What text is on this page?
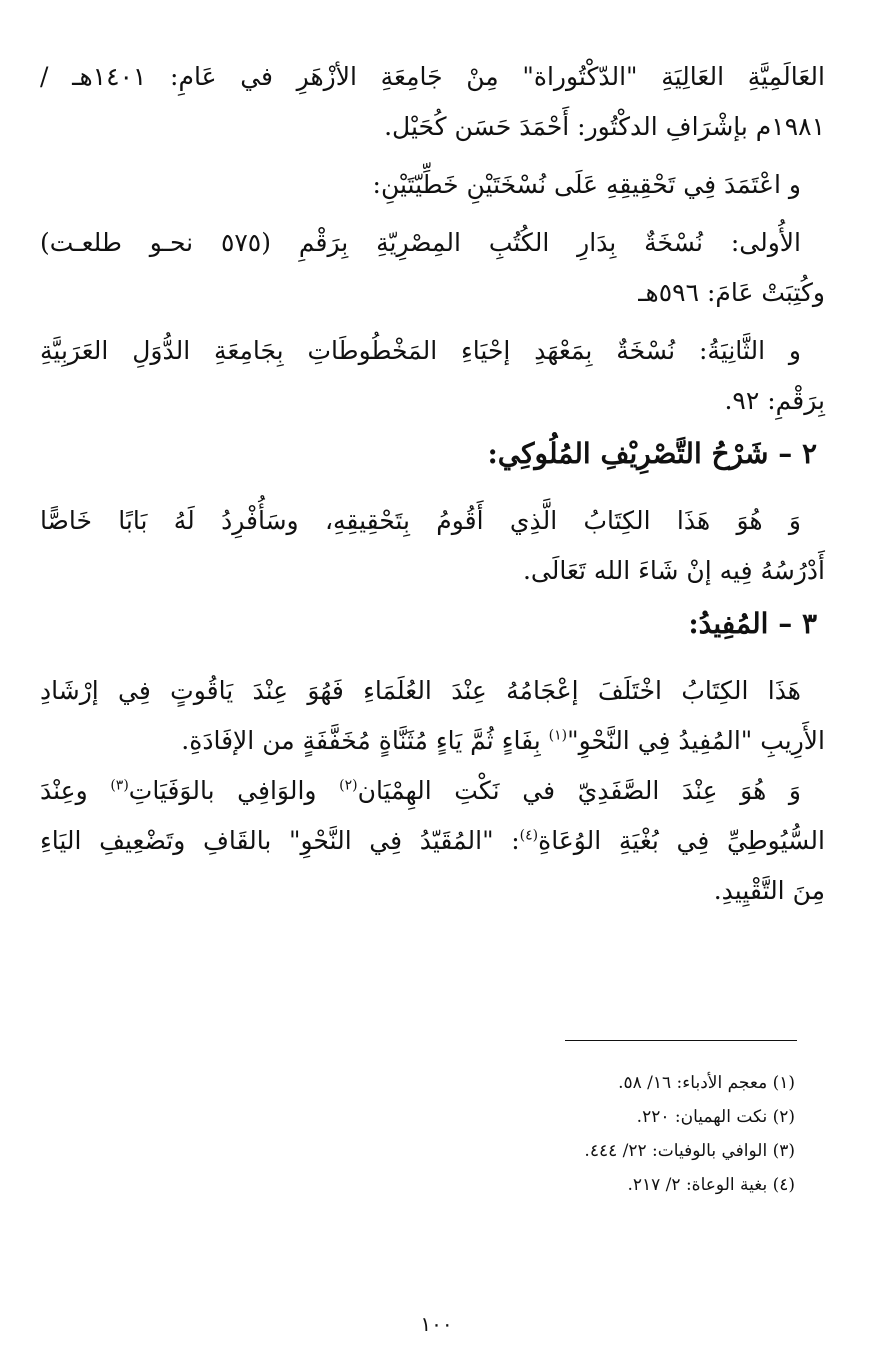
العَالَمِيَّةِ العَالِيَةِ "الدّكْتُوراة" مِنْ جَامِعَةِ الأزْهَرِ في عَامِ: ١٤٠١هـ /
١٩٨١م بإشْرَافِ الدكْتُور: أَحْمَدَ حَسَن كُحَيْل.
و اعْتَمَدَ فِي تَحْقِيقِهِ عَلَى نُسْخَتَيْنِ خَطِّيّتَيْنِ:
الأُولى: نُسْخَةٌ بِدَارِ الكُتُبِ المِصْرِيّةِ بِرَقْمِ (٥٧٥ نحـو طلعـت)
وكُتِبَتْ عَامَ: ٥٩٦هـ
و الثَّانِيَةُ: نُسْخَةٌ بِمَعْهَدِ إحْيَاءِ المَخْطُوطَاتِ بِجَامِعَةِ الدُّوَلِ العَرَبِيَّةِ
بِرَقْمِ: ٩٢.
٢ – شَرْحُ التَّصْرِيْفِ المُلُوكِي:
وَ هُوَ هَذَا الكِتَابُ الَّذِي أَقُومُ بِتَحْقِيقِهِ، وسَأُفْرِدُ لَهُ بَابًا خَاصًّا
أَدْرُسُهُ فِيه إنْ شَاءَ الله تَعَالَى.
٣ – المُفِيدُ:
هَذَا الكِتَابُ اخْتَلَفَ إعْجَامُهُ عِنْدَ العُلَمَاءِ فَهُوَ عِنْدَ يَاقُوتٍ فِي إرْشَادِ
الأَرِيبِ "المُفِيدُ فِي النَّحْوِ"$^{(١)}$ بِفَاءٍ ثُمَّ يَاءٍ مُثَنَّاةٍ مُخَفَّفَةٍ من الإفَادَةِ.
وَ هُوَ عِنْدَ الصَّفَدِيّ في نَكْتِ الهِمْيَان$^{(٢)}$ والوَافِي بالوَفَيَاتِ$^{(٣)}$ وعِنْدَ
السُّيُوطِيِّ فِي بُغْيَةِ الوُعَاةِ$^{(٤)}$: "المُقَيّدُ فِي النَّحْوِ" بالقَافِ وتَضْعِيفِ اليَاءِ
مِنَ التَّقْيِيدِ.
(١) معجم الأدباء: ١٦/ ٥٨.
(٢) نكت الهميان: ٢٢٠.
(٣) الوافي بالوفيات: ٢٢/ ٤٤٤.
(٤) بغية الوعاة: ٢/ ٢١٧.
١٠٠
